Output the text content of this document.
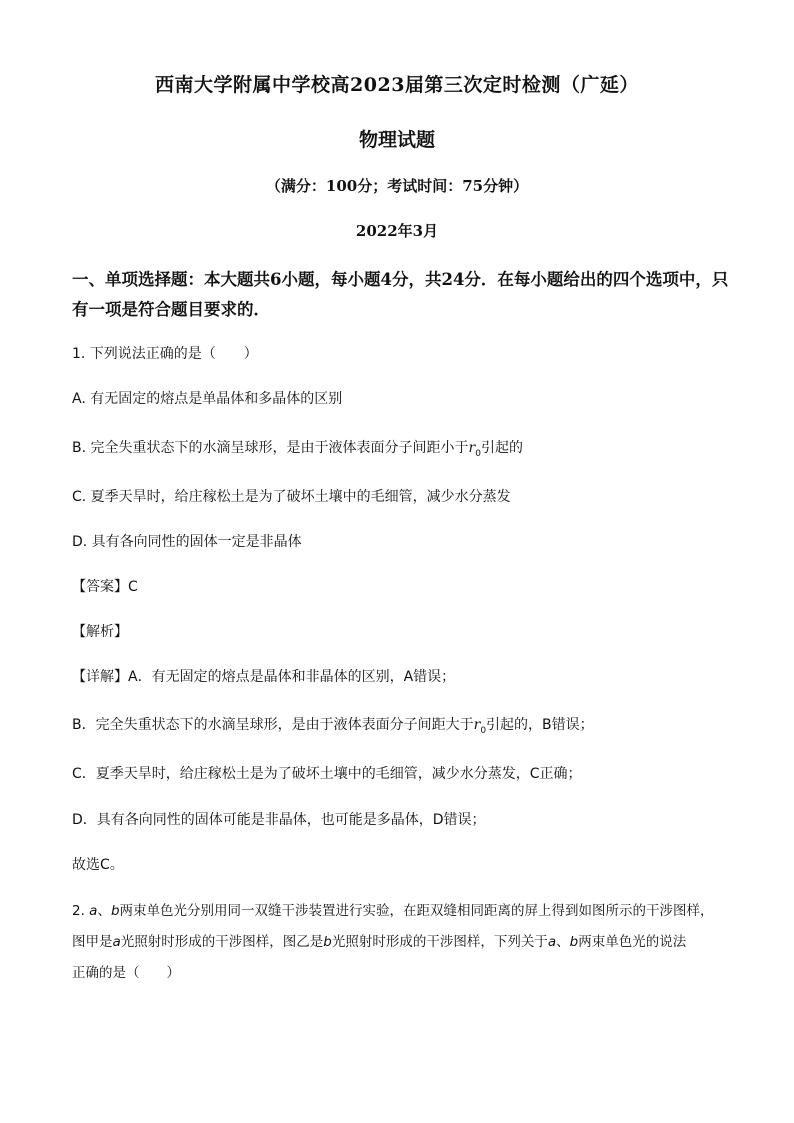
西南大学附属中学校高2023届第三次定时检测（广延）
物理试题
（满分：100分；考试时间：75分钟）
2022年3月
一、单项选择题：本大题共6小题，每小题4分，共24分．在每小题给出的四个选项中，只
有一项是符合题目要求的．
1. 下列说法正确的是（　　）
A. 有无固定的熔点是单晶体和多晶体的区别
B. 完全失重状态下的水滴呈球形，是由于液体表面分子间距小于$r_0$引起的
C. 夏季天旱时，给庄稼松土是为了破坏土壤中的毛细管，减少水分蒸发
D. 具有各向同性的固体一定是非晶体
【答案】C
【解析】
【详解】A．有无固定的熔点是晶体和非晶体的区别，A错误；
B．完全失重状态下的水滴呈球形，是由于液体表面分子间距大于$r_0$引起的，B错误；
C．夏季天旱时，给庄稼松土是为了破坏土壤中的毛细管，减少水分蒸发，C正确；
D．具有各向同性的固体可能是非晶体，也可能是多晶体，D错误；
故选C。
2. a、b两束单色光分别用同一双缝干涉装置进行实验，在距双缝相同距离的屏上得到如图所示的干涉图样，
图甲是a光照射时形成的干涉图样，图乙是b光照射时形成的干涉图样，下列关于a、b两束单色光的说法
正确的是（　　）
